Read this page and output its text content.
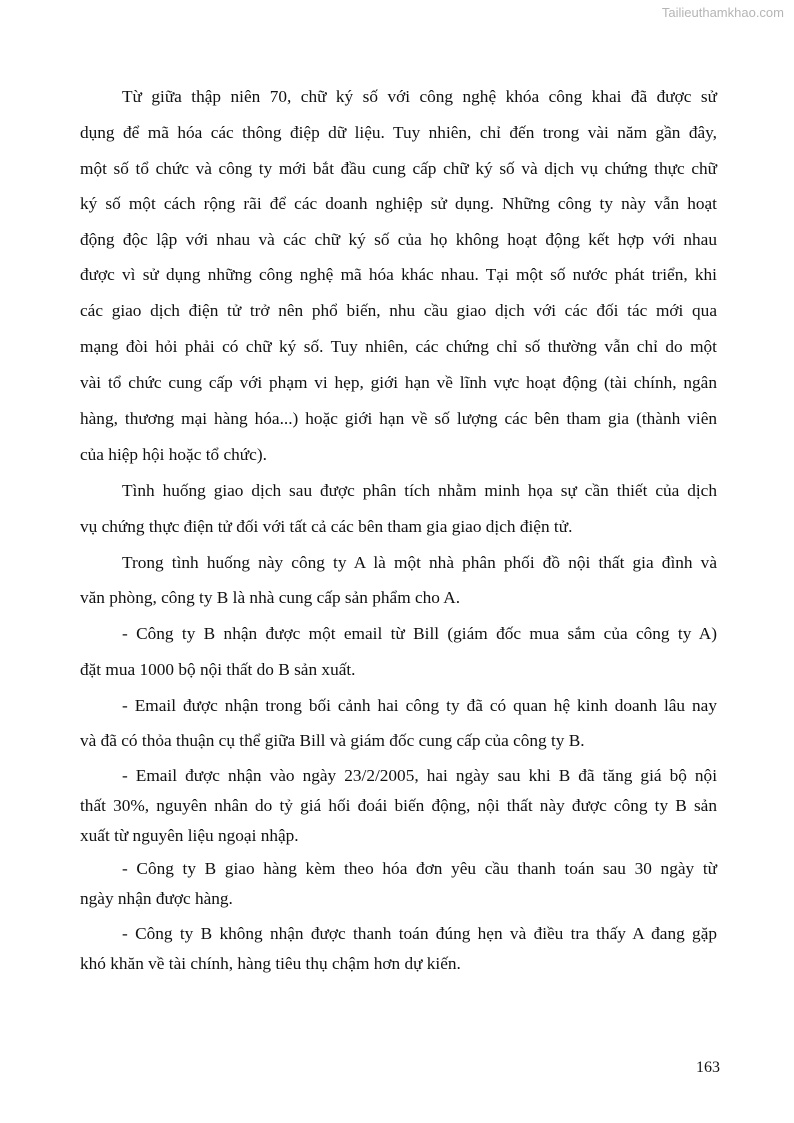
Tailieuthamkhao.com
Từ giữa thập niên 70, chữ ký số với công nghệ khóa công khai đã được sử
dụng để mã hóa các thông điệp dữ liệu. Tuy nhiên, chỉ đến trong vài năm gần đây,
một số tổ chức và công ty mới bắt đầu cung cấp chữ ký số và dịch vụ chứng thực chữ
ký số một cách rộng rãi để các doanh nghiệp sử dụng. Những công ty này vẫn hoạt
động độc lập với nhau và các chữ ký số của họ không hoạt động kết hợp với nhau
được vì sử dụng những công nghệ mã hóa khác nhau. Tại một số nước phát triển, khi
các giao dịch điện tử trở nên phổ biến, nhu cầu giao dịch với các đối tác mới qua
mạng đòi hỏi phải có chữ ký số. Tuy nhiên, các chứng chỉ số thường vẫn chỉ do một
vài tổ chức cung cấp với phạm vi hẹp, giới hạn về lĩnh vực hoạt động (tài chính, ngân
hàng, thương mại hàng hóa...) hoặc giới hạn về số lượng các bên tham gia (thành viên
của hiệp hội hoặc tổ chức).
Tình huống giao dịch sau được phân tích nhằm minh họa sự cần thiết của dịch
vụ chứng thực điện tử đối với tất cả các bên tham gia giao dịch điện tử.
Trong tình huống này công ty A là một nhà phân phối đồ nội thất gia đình và
văn phòng, công ty B là nhà cung cấp sản phẩm cho A.
- Công ty B nhận được một email từ Bill (giám đốc mua sắm của công ty A)
đặt mua 1000 bộ nội thất do B sản xuất.
- Email được nhận trong bối cảnh hai công ty đã có quan hệ kinh doanh lâu nay
và đã có thỏa thuận cụ thể giữa Bill và giám đốc cung cấp của công ty B.
- Email được nhận vào ngày 23/2/2005, hai ngày sau khi B đã tăng giá bộ nội
thất 30%, nguyên nhân do tỷ giá hối đoái biến động, nội thất này được công ty B sản
xuất từ nguyên liệu ngoại nhập.
- Công ty B giao hàng kèm theo hóa đơn yêu cầu thanh toán sau 30 ngày từ
ngày nhận được hàng.
- Công ty B không nhận được thanh toán đúng hẹn và điều tra thấy A đang gặp
khó khăn về tài chính, hàng tiêu thụ chậm hơn dự kiến.
163
